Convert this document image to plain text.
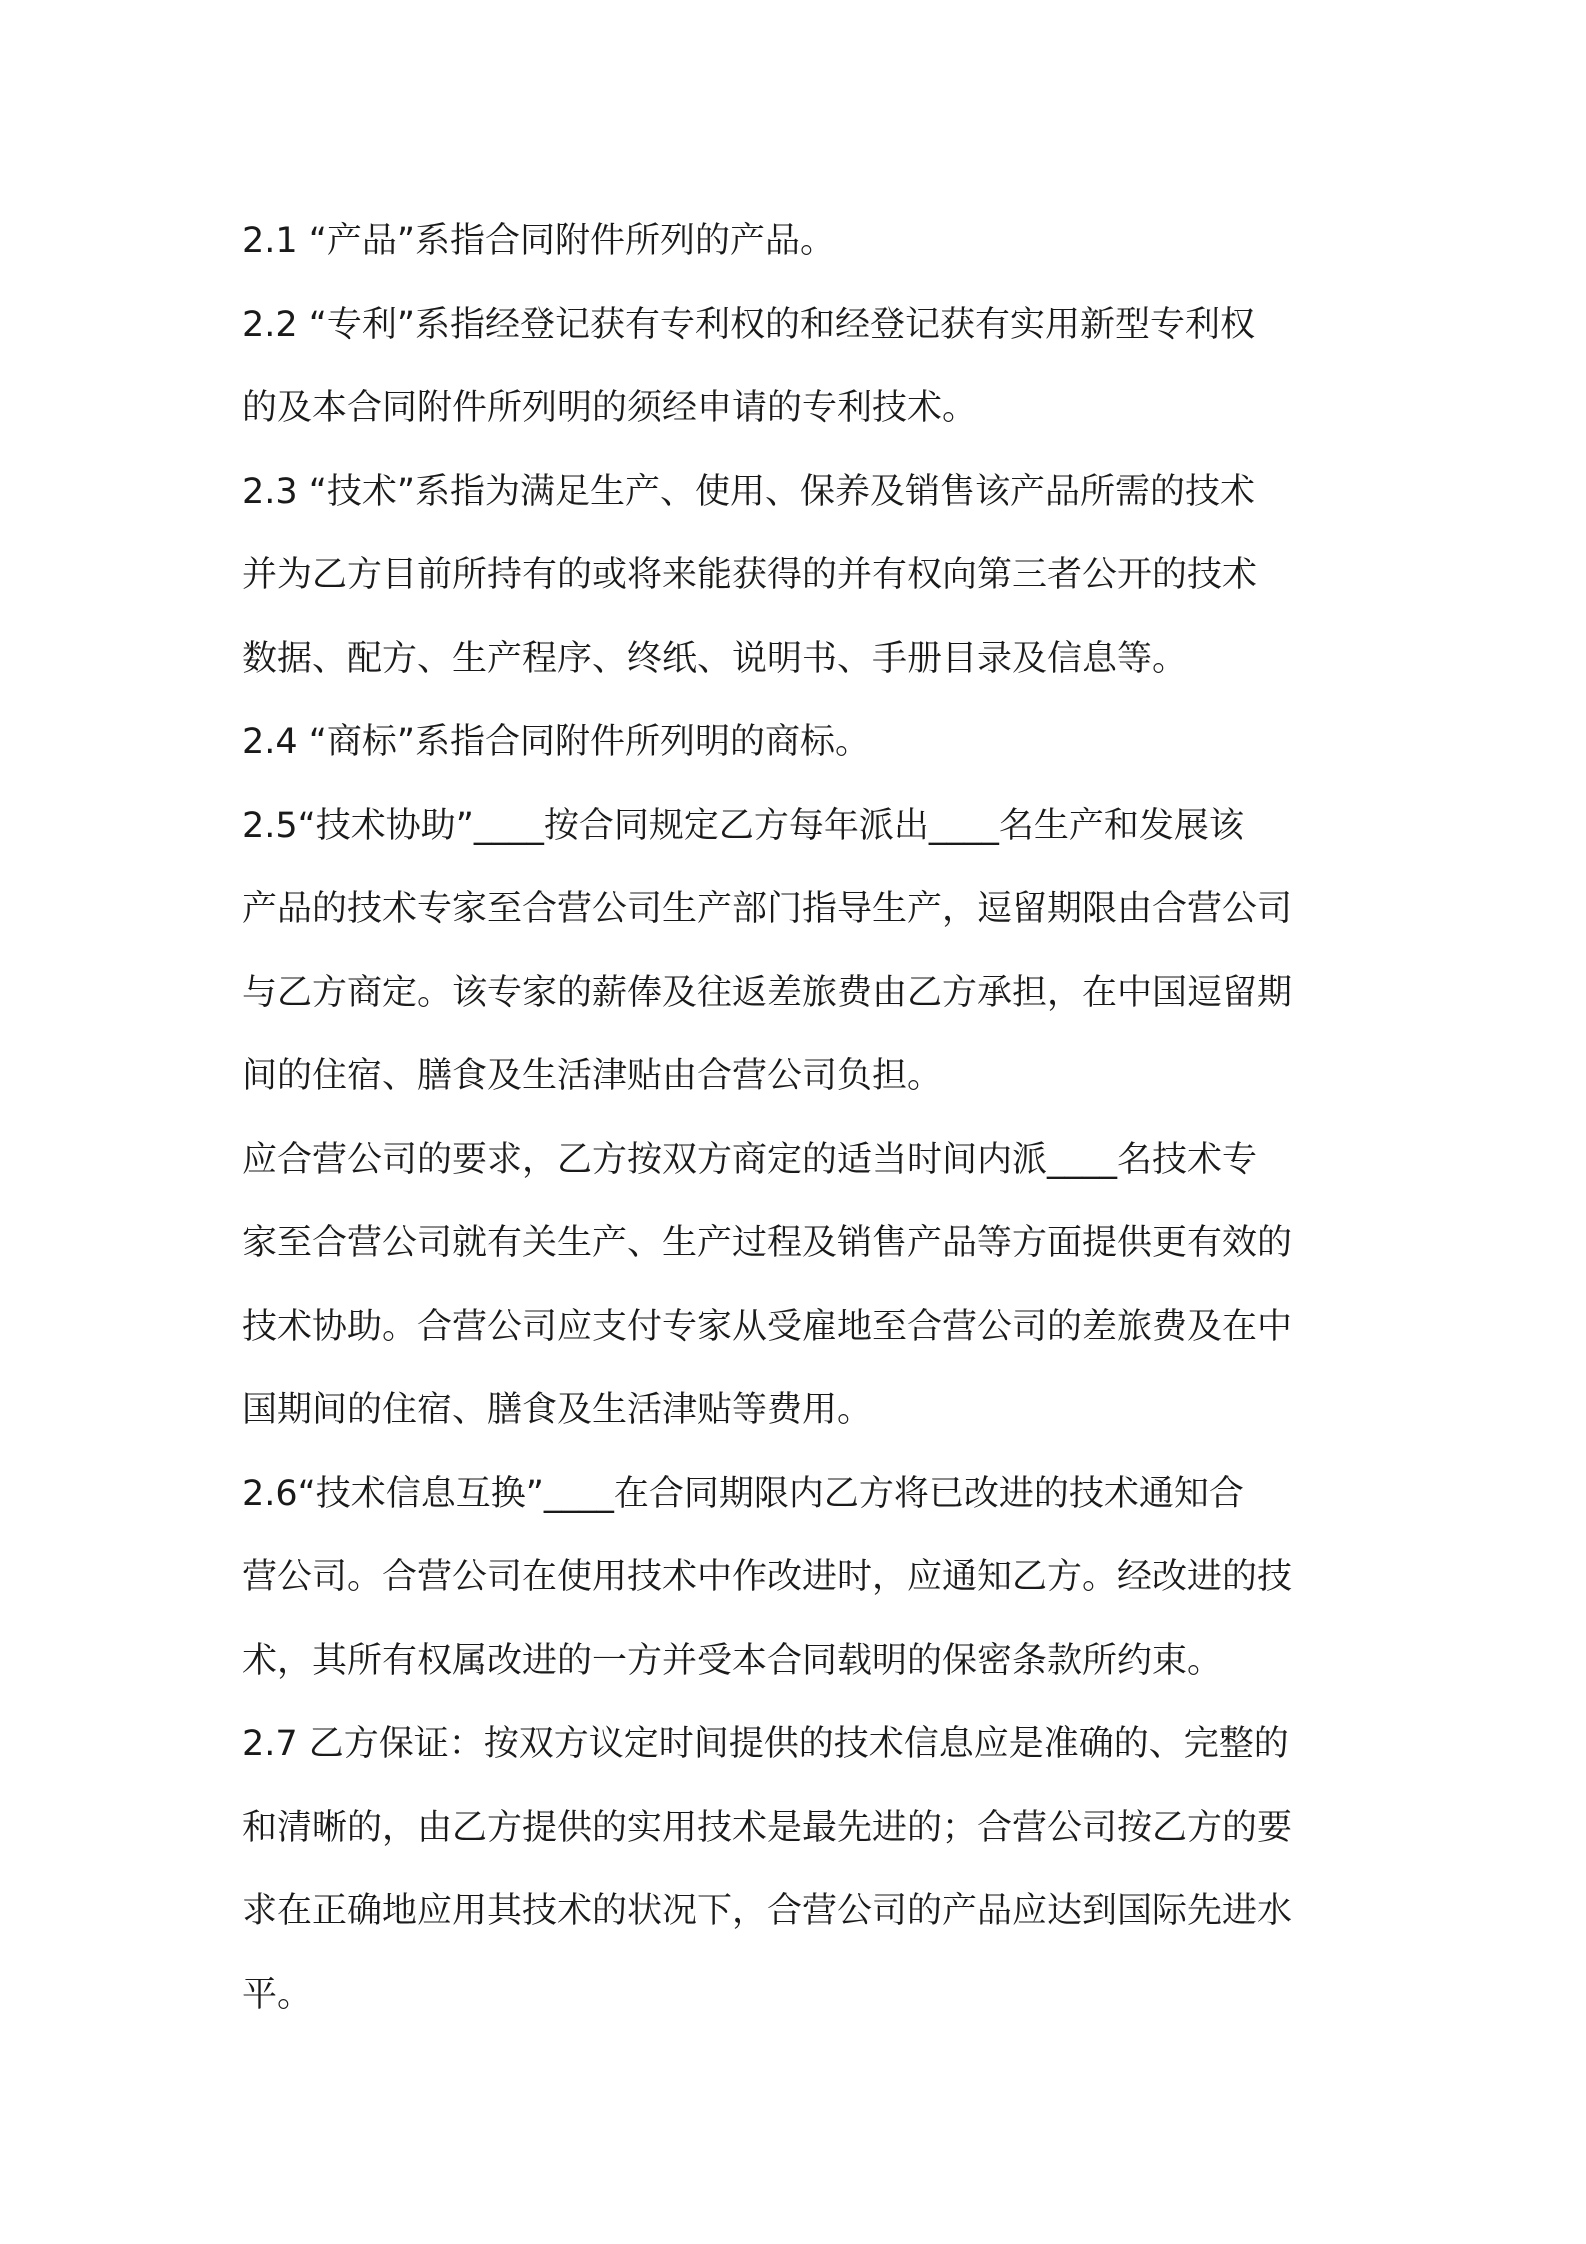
2.1 “产品”系指合同附件所列的产品。
2.2 “专利”系指经登记获有专利权的和经登记获有实用新型专利权
的及本合同附件所列明的须经申请的专利技术。
2.3 “技术”系指为满足生产、使用、保养及销售该产品所需的技术
并为乙方目前所持有的或将来能获得的并有权向第三者公开的技术
数据、配方、生产程序、终纸、说明书、手册目录及信息等。
2.4 “商标”系指合同附件所列明的商标。
2.5“技术协助”____按合同规定乙方每年派出____名生产和发展该
产品的技术专家至合营公司生产部门指导生产，逗留期限由合营公司
与乙方商定。该专家的薪俸及往返差旅费由乙方承担，在中国逗留期
间的住宿、膳食及生活津贴由合营公司负担。
应合营公司的要求，乙方按双方商定的适当时间内派____名技术专
家至合营公司就有关生产、生产过程及销售产品等方面提供更有效的
技术协助。合营公司应支付专家从受雇地至合营公司的差旅费及在中
国期间的住宿、膳食及生活津贴等费用。
2.6“技术信息互换”____在合同期限内乙方将已改进的技术通知合
营公司。合营公司在使用技术中作改进时，应通知乙方。经改进的技
术，其所有权属改进的一方并受本合同载明的保密条款所约束。
2.7 乙方保证：按双方议定时间提供的技术信息应是准确的、完整的
和清晰的，由乙方提供的实用技术是最先进的；合营公司按乙方的要
求在正确地应用其技术的状况下，合营公司的产品应达到国际先进水
平。
